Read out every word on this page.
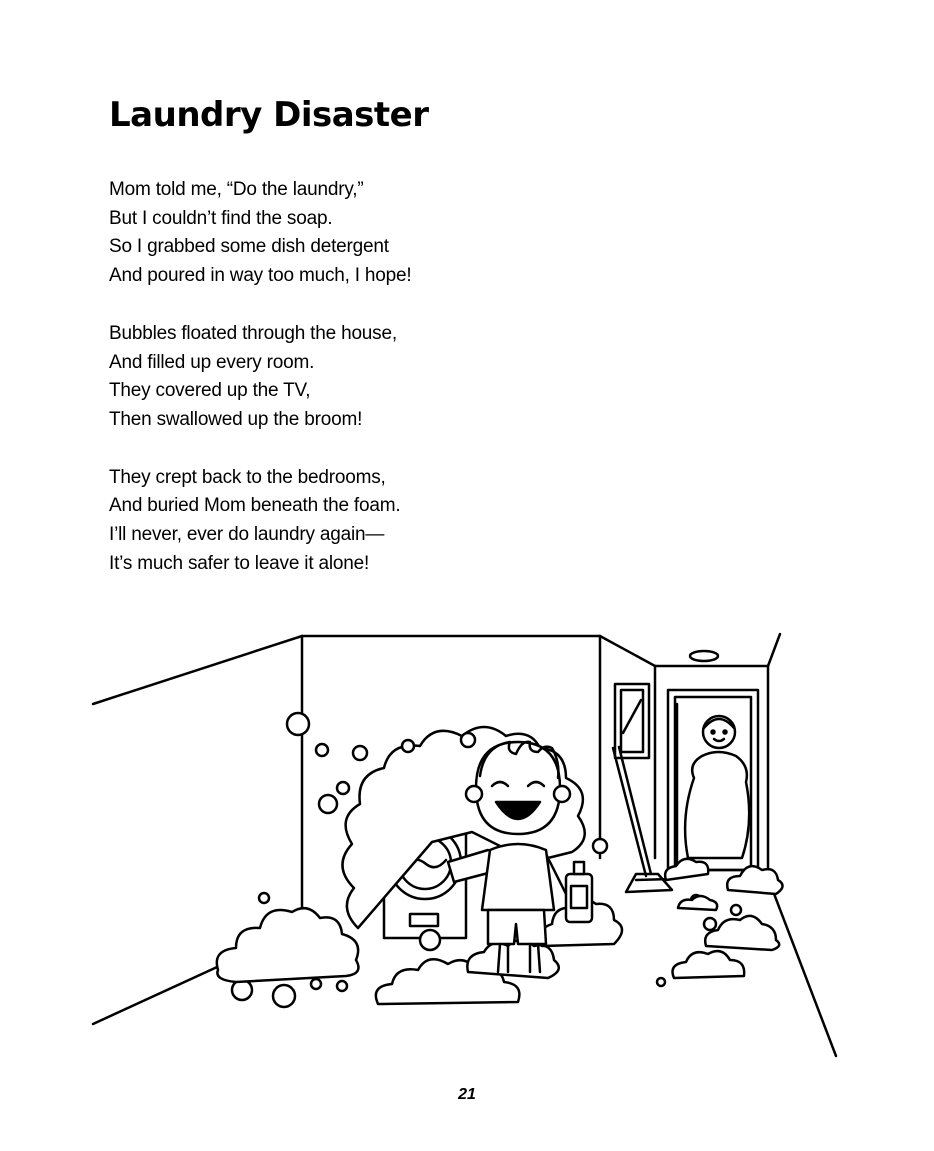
Laundry Disaster

Mom told me, “Do the laundry,”
But I couldn’t find the soap.
So I grabbed some dish detergent
And poured in way too much, I hope!

Bubbles floated through the house,
And filled up every room.
They covered up the TV,
Then swallowed up the broom!

They crept back to the bedrooms,
And buried Mom beneath the foam.
I’ll never, ever do laundry again—
It’s much safer to leave it alone!

21
